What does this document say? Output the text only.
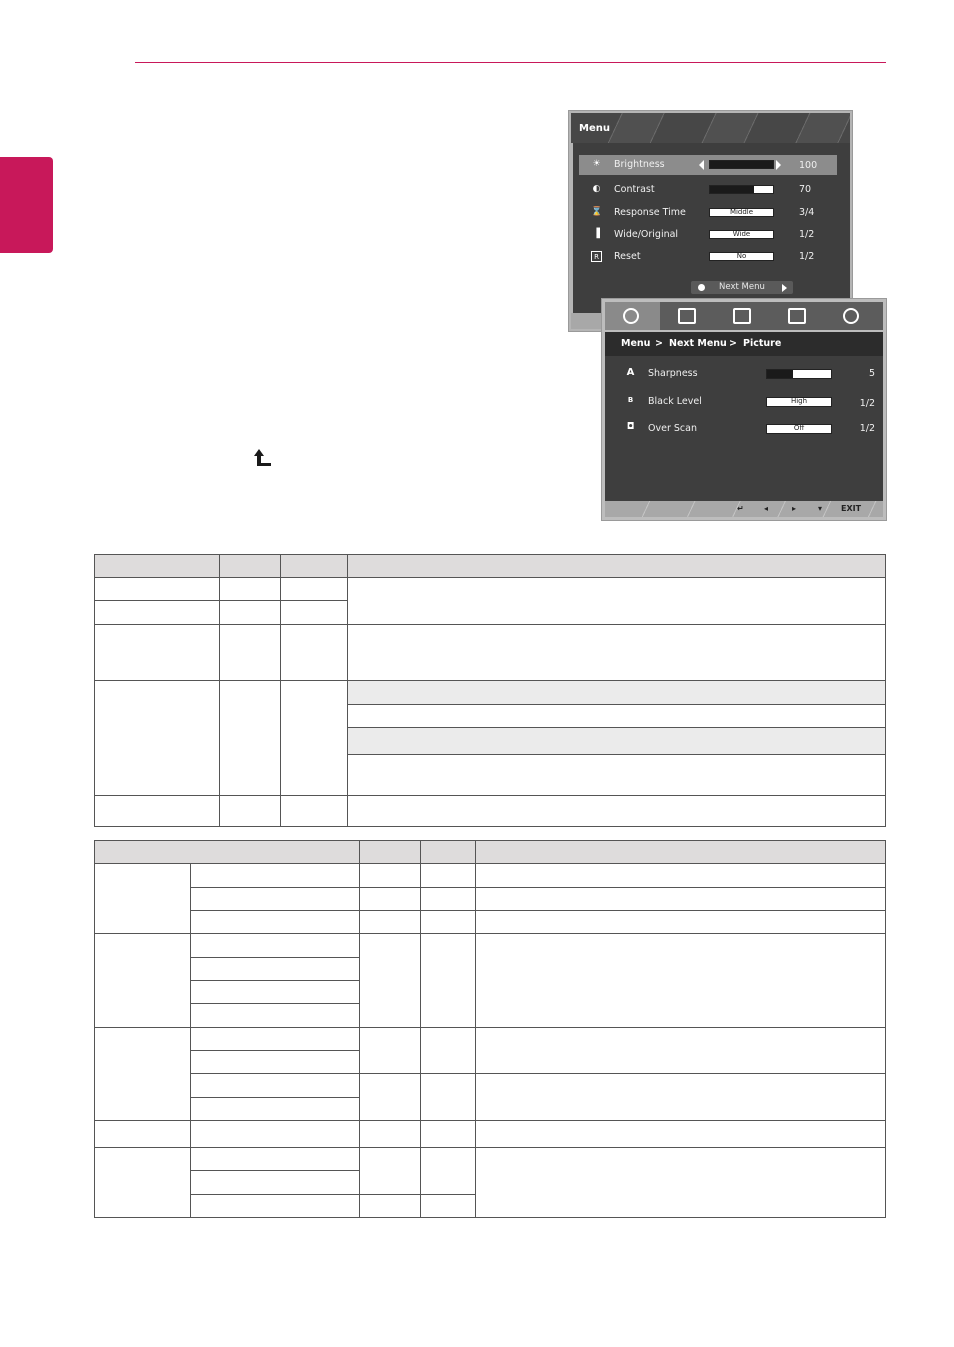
Menu
☀ Brightness	100
◐ Contrast	70
⌛ Response Time	Middle	3/4
▐ Wide/Original	Wide	1/2
R	Reset	No	1/2
Next Menu
Menu > Next Menu > Picture
A Sharpness	5
B Black Level	High	1/2
◘ Over Scan	Off	1/2
↵	◂	▸	▾ EXIT
